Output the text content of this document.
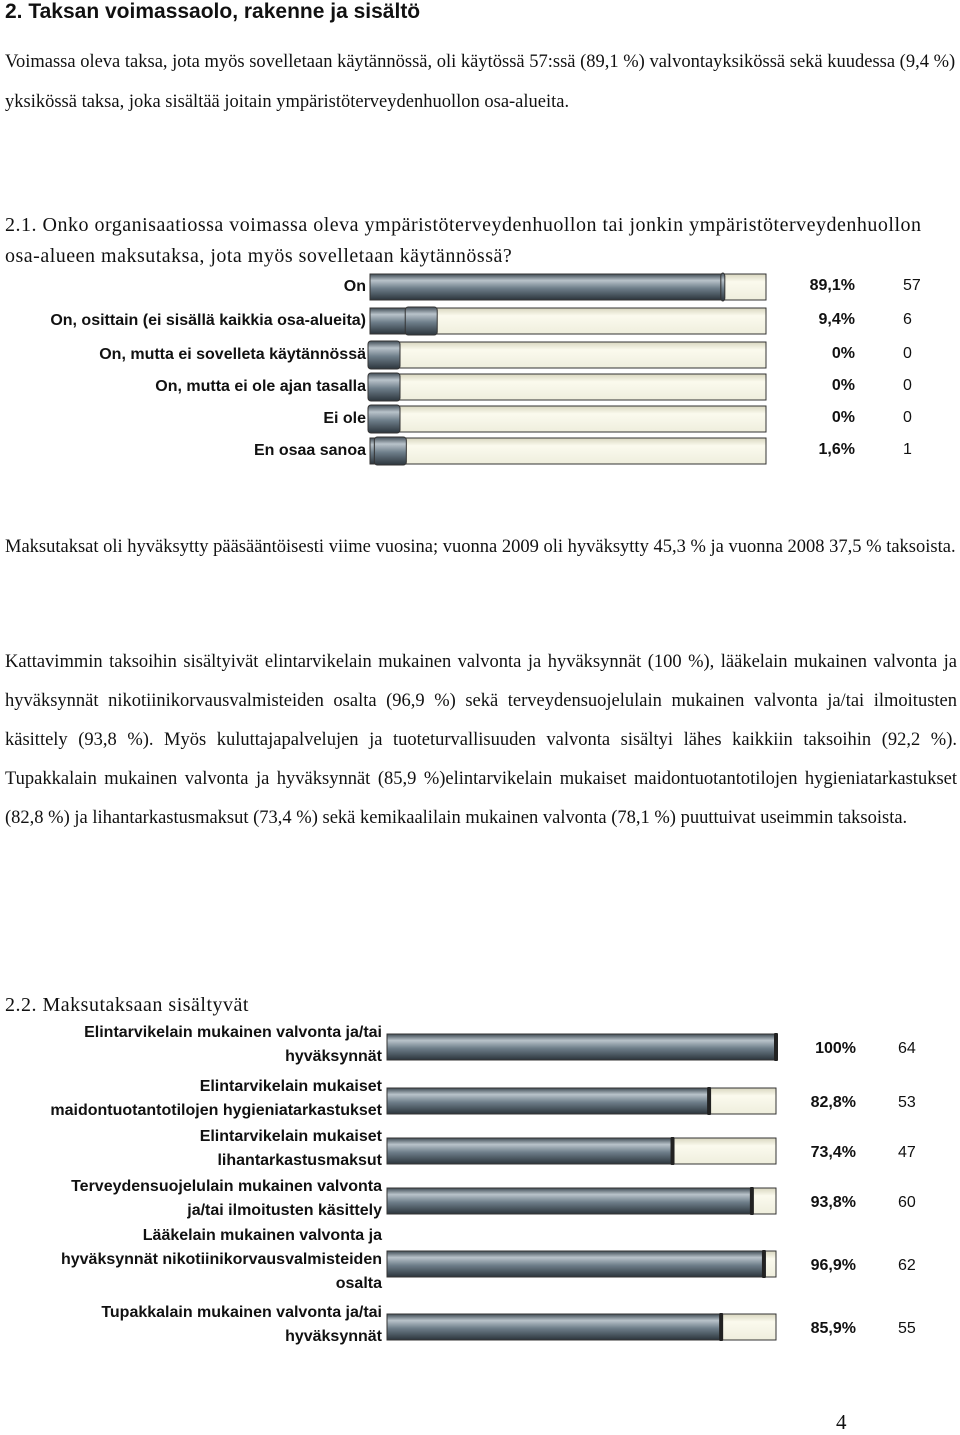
2. Taksan voimassaolo, rakenne ja sisältö

Voimassa oleva taksa, jota myös sovelletaan käytännössä, oli käytössä 57:ssä (89,1 %) valvontayksikössä sekä kuudessa (9,4 %) yksikössä taksa, joka sisältää joitain ympäristöterveydenhuollon osa-alueita.

2.1. Onko organisaatiossa voimassa oleva ympäristöterveydenhuollon tai jonkin ympäristöterveydenhuollon osa-alueen maksutaksa, jota myös sovelletaan käytännössä?
On	89,1%	57
On, osittain (ei sisällä kaikkia osa-alueita)	9,4%	6
On, mutta ei sovelleta käytännössä	0%	0
On, mutta ei ole ajan tasalla	0%	0
Ei ole	0%	0
En osaa sanoa	1,6%	1

Maksutaksat oli hyväksytty pääsääntöisesti viime vuosina; vuonna 2009 oli hyväksytty 45,3 % ja vuonna 2008 37,5 % taksoista.

Kattavimmin taksoihin sisältyivät elintarvikelain mukainen valvonta ja hyväksynnät (100 %), lääkelain mukainen valvonta ja hyväksynnät nikotiinikorvausvalmisteiden osalta (96,9 %) sekä terveydensuojelulain mukainen valvonta ja/tai ilmoitusten käsittely (93,8 %). Myös kuluttajapalvelujen ja tuoteturvallisuuden valvonta sisältyi lähes kaikkiin taksoihin (92,2 %). Tupakkalain mukainen valvonta ja hyväksynnät (85,9 %)elintarvikelain mukaiset maidontuotantotilojen hygieniatarkastukset (82,8 %) ja lihantarkastusmaksut (73,4 %) sekä kemikaalilain mukainen valvonta (78,1 %) puuttuivat useimmin taksoista.

2.2. Maksutaksaan sisältyvät
Elintarvikelain mukainen valvonta ja/tai
hyväksynnät	100%	64
Elintarvikelain mukaiset
maidontuotantotilojen hygieniatarkastukset	82,8%	53
Elintarvikelain mukaiset
lihantarkastusmaksut	73,4%	47
Terveydensuojelulain mukainen valvonta
ja/tai ilmoitusten käsittely	93,8%	60
Lääkelain mukainen valvonta ja
hyväksynnät nikotiinikorvausvalmisteiden
osalta
96,9%	62
Tupakkalain mukainen valvonta ja/tai
hyväksynnät	85,9%	55
4
